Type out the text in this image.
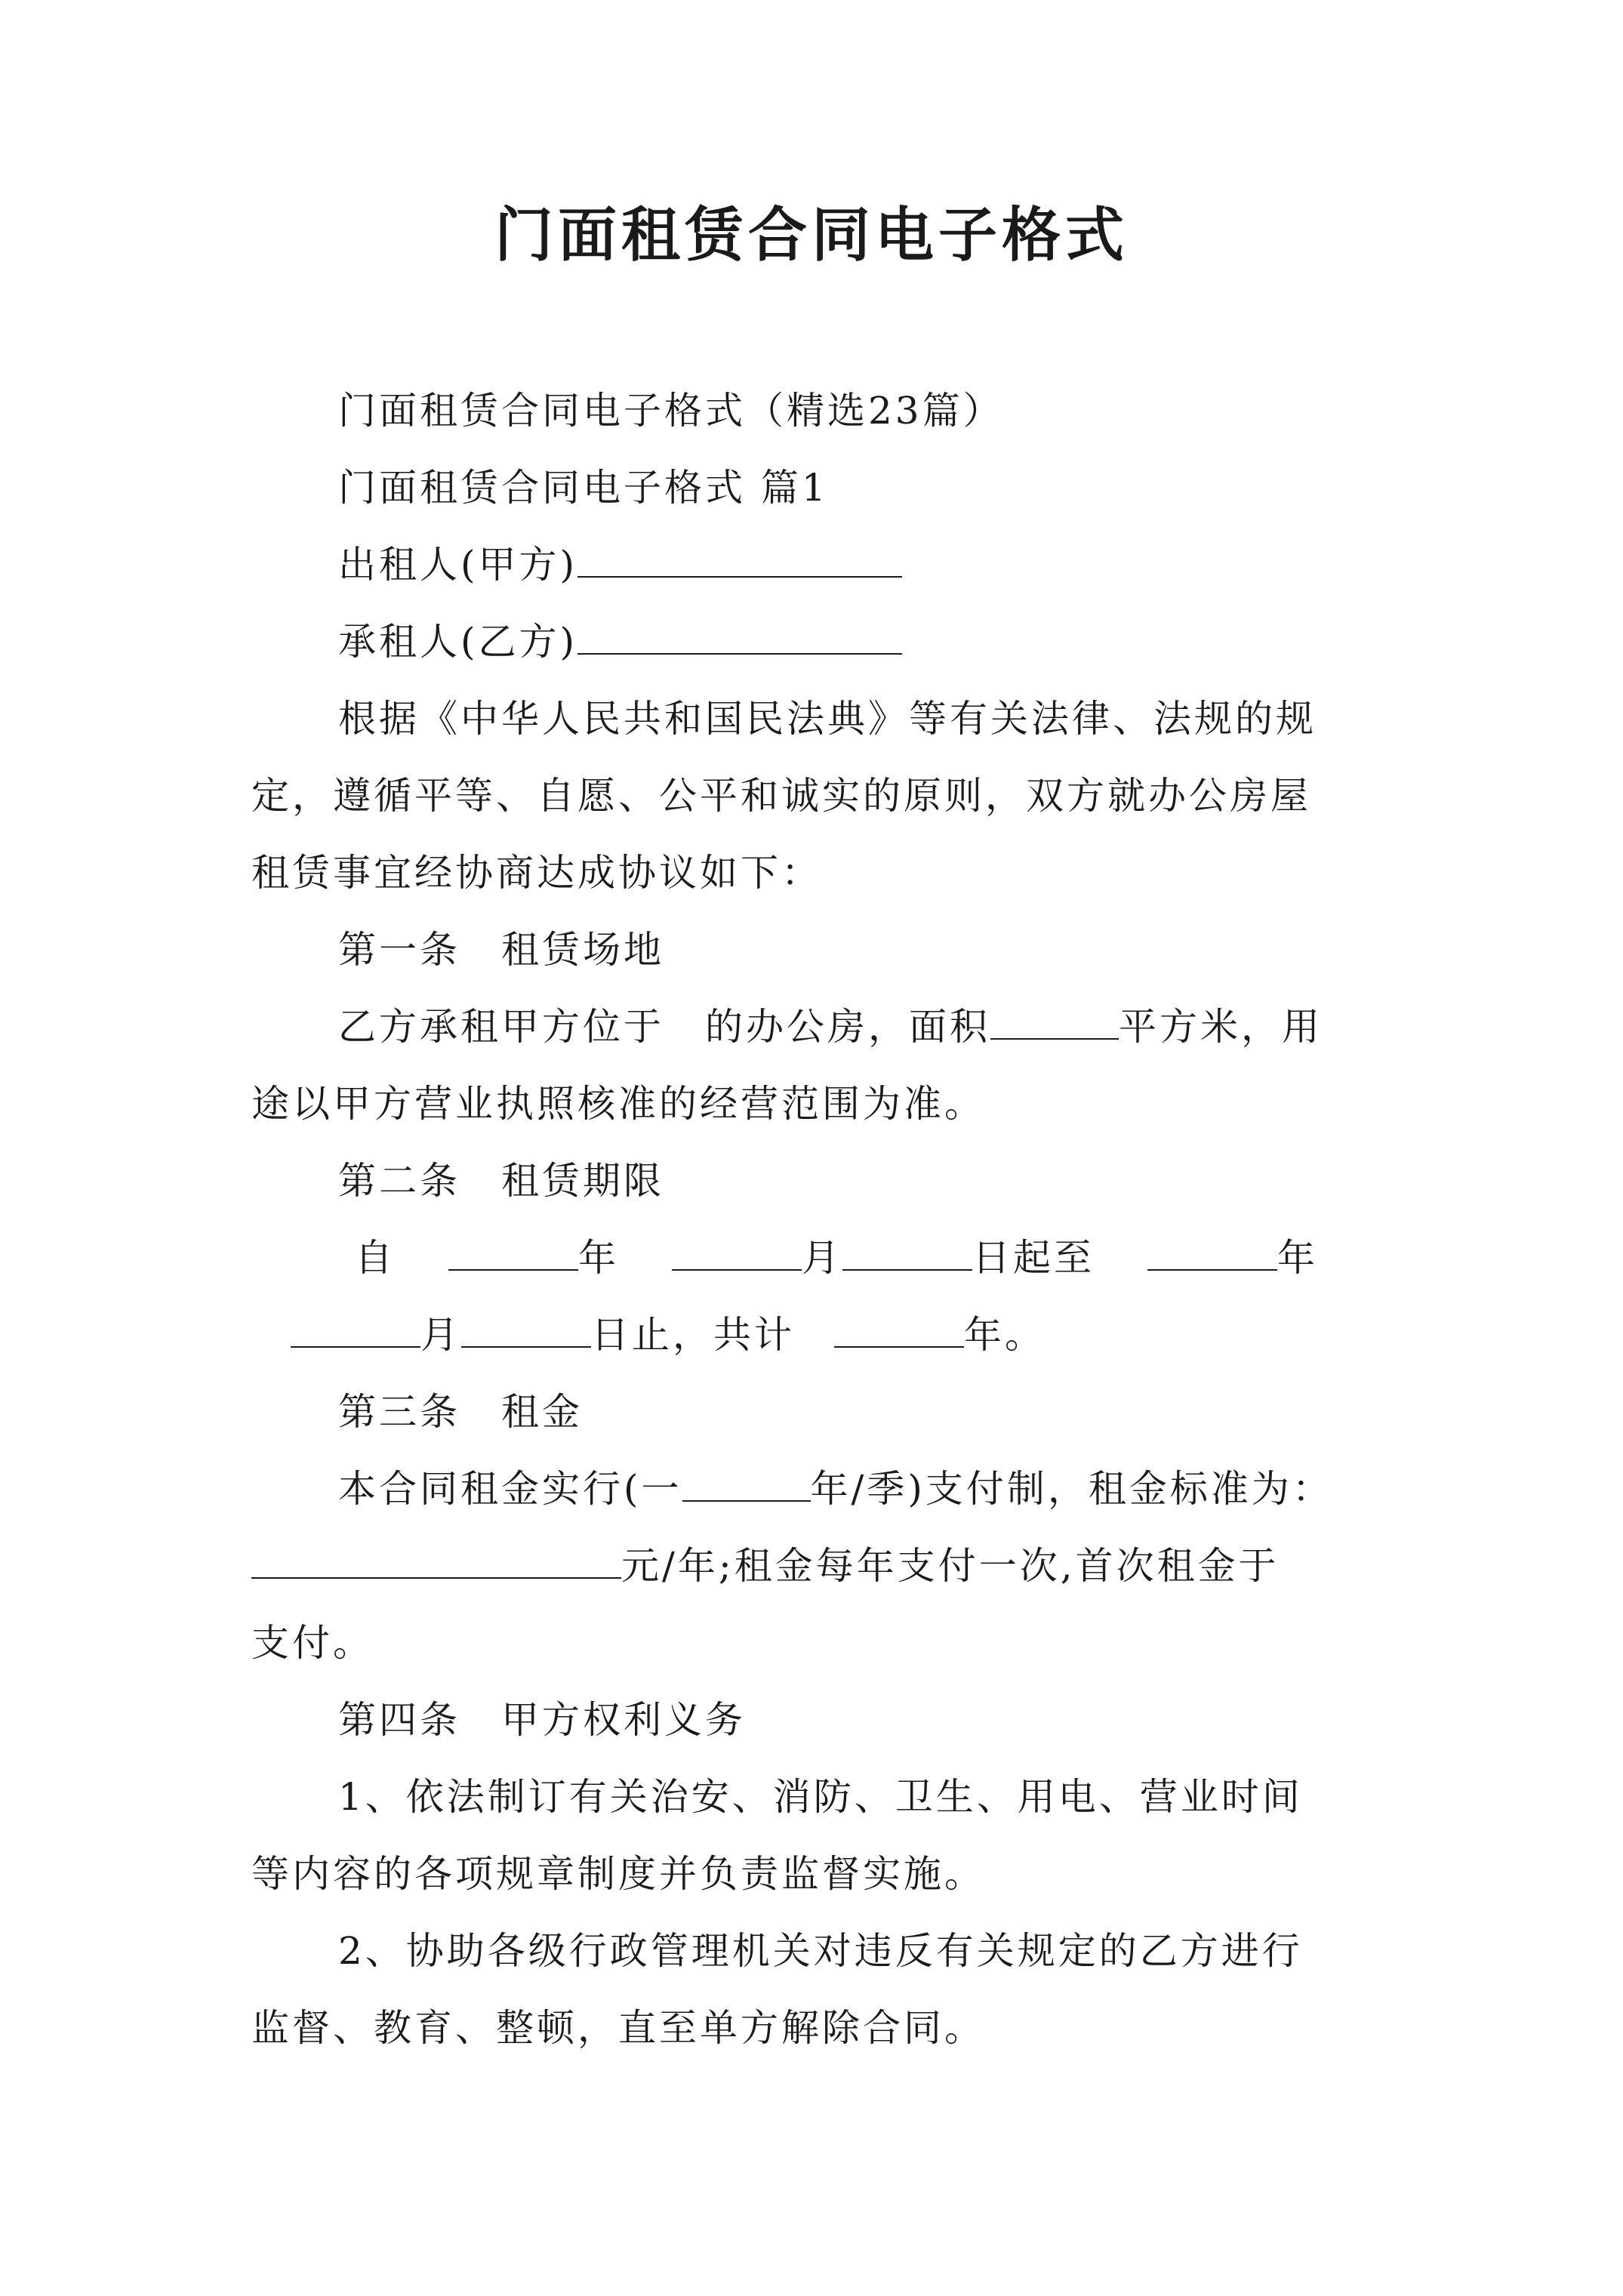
门面租赁合同电子格式
门面租赁合同电子格式（精选23篇）
门面租赁合同电子格式 篇1
出租人(甲方)
承租人(乙方)
根据《中华人民共和国民法典》等有关法律、法规的规
定，遵循平等、自愿、公平和诚实的原则，双方就办公房屋
租赁事宜经协商达成协议如下：
第一条　租赁场地
乙方承租甲方位于　的办公房，面积	平方米，用
途以甲方营业执照核准的经营范围为准。
第二条　租赁期限
自	年	月	日起至	年
月	日止，共计	年。
第三条　租金
本合同租金实行(一	年/季)支付制，租金标准为：
元/年;租金每年支付一次,首次租金于
支付。
第四条　甲方权利义务
1、依法制订有关治安、消防、卫生、用电、营业时间
等内容的各项规章制度并负责监督实施。
2、协助各级行政管理机关对违反有关规定的乙方进行
监督、教育、整顿，直至单方解除合同。
